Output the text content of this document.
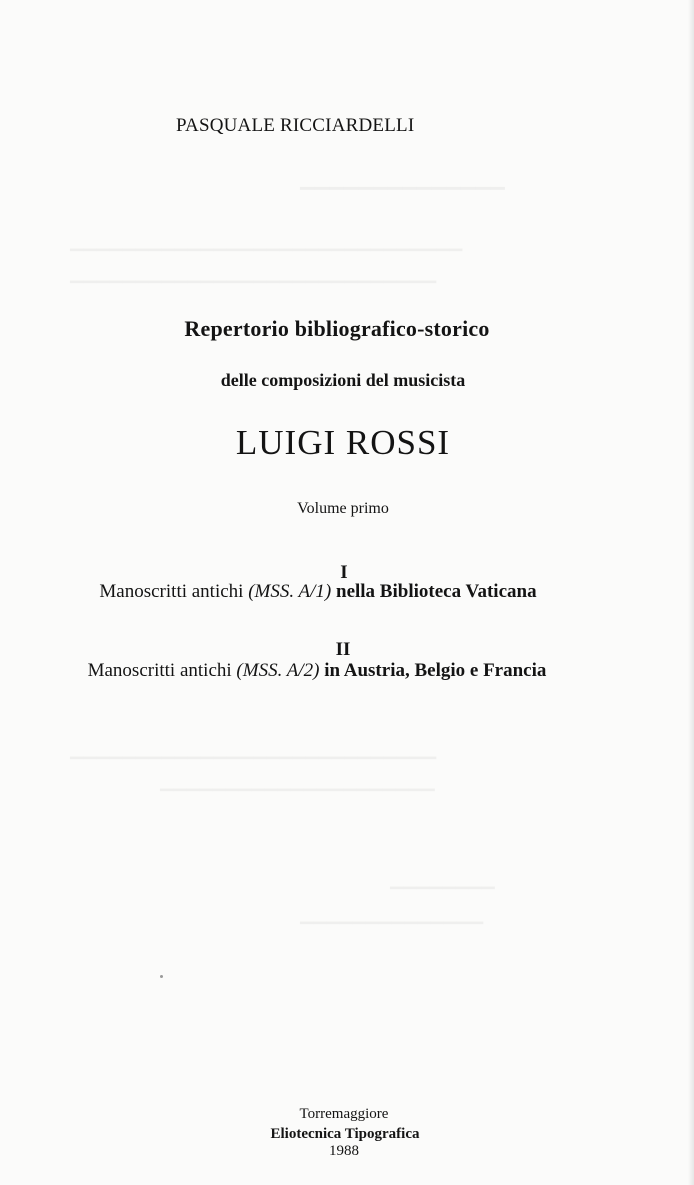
▁▁▁▁▁▁▁▁▁▁▁▁▁▁
▁▁▁▁▁▁▁▁▁▁▁▁▁▁▁▁▁▁▁▁▁▁▁▁▁▁▁▁▁▁
▁▁▁▁▁▁▁▁▁▁▁▁▁▁▁▁▁▁▁▁▁▁▁▁▁▁▁▁
▁▁▁▁▁▁▁▁▁▁▁▁▁▁▁▁▁▁▁▁▁▁▁▁▁▁▁▁
▁▁▁▁▁▁▁▁▁▁▁▁▁▁▁▁▁▁▁▁▁
▁▁▁▁▁▁▁▁
▁▁▁▁▁▁▁▁▁▁▁▁▁▁
PASQUALE RICCIARDELLI
Repertorio bibliografico-storico
delle composizioni del musicista
LUIGI ROSSI
Volume primo
I
Manoscritti antichi (MSS. A/1) nella Biblioteca Vaticana
II
Manoscritti antichi (MSS. A/2) in Austria, Belgio e Francia
Torremaggiore
Eliotecnica Tipografica
1988
